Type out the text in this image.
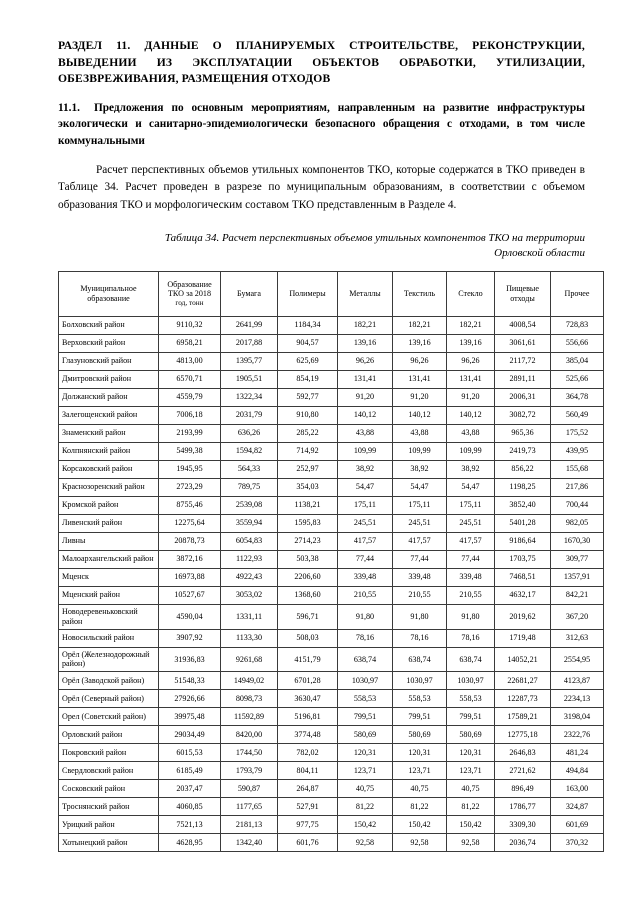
РАЗДЕЛ 11. ДАННЫЕ О ПЛАНИРУЕМЫХ СТРОИТЕЛЬСТВЕ, РЕКОНСТРУКЦИИ, ВЫВЕДЕНИИ ИЗ ЭКСПЛУАТАЦИИ ОБЪЕКТОВ ОБРАБОТКИ, УТИЛИЗАЦИИ, ОБЕЗВРЕЖИВАНИЯ, РАЗМЕЩЕНИЯ ОТХОДОВ
11.1. Предложения по основным мероприятиям, направленным на развитие инфраструктуры экологически и санитарно-эпидемиологически безопасного обращения с отходами, в том числе коммунальными

Расчет перспективных объемов утильных компонентов ТКО, которые содержатся в ТКО приведен в Таблице 34. Расчет проведен в разрезе по муниципальным образованиям, в соответствии с объемом образования ТКО и морфологическим составом ТКО представленным в Разделе 4.

Таблица 34. Расчет перспективных объемов утильных компонентов ТКО на территории
Орловской области
Муниципальное образование	Образование ТКО за 2018
год, тонн	Бумага	Полимеры	Металлы	Текстиль	Стекло	Пищевые отходы	Прочее
Болховский район	9110,32	2641,99	1184,34	182,21	182,21	182,21	4008,54	728,83
Верховский район	6958,21	2017,88	904,57	139,16	139,16	139,16	3061,61	556,66
Глазуновский район	4813,00	1395,77	625,69	96,26	96,26	96,26	2117,72	385,04
Дмитровский район	6570,71	1905,51	854,19	131,41	131,41	131,41	2891,11	525,66
Должанский район	4559,79	1322,34	592,77	91,20	91,20	91,20	2006,31	364,78
Залегощенский район	7006,18	2031,79	910,80	140,12	140,12	140,12	3082,72	560,49
Знаменский район	2193,99	636,26	285,22	43,88	43,88	43,88	965,36	175,52
Колпнянский район	5499,38	1594,82	714,92	109,99	109,99	109,99	2419,73	439,95
Корсаковский район	1945,95	564,33	252,97	38,92	38,92	38,92	856,22	155,68
Краснозоренский район	2723,29	789,75	354,03	54,47	54,47	54,47	1198,25	217,86
Кромской район	8755,46	2539,08	1138,21	175,11	175,11	175,11	3852,40	700,44
Ливенский район	12275,64	3559,94	1595,83	245,51	245,51	245,51	5401,28	982,05
Ливны	20878,73	6054,83	2714,23	417,57	417,57	417,57	9186,64	1670,30
Малоархангельский район	3872,16	1122,93	503,38	77,44	77,44	77,44	1703,75	309,77
Мценск	16973,88	4922,43	2206,60	339,48	339,48	339,48	7468,51	1357,91
Мценский район	10527,67	3053,02	1368,60	210,55	210,55	210,55	4632,17	842,21
Новодеревеньковский район	4590,04	1331,11	596,71	91,80	91,80	91,80	2019,62	367,20
Новосильский район	3907,92	1133,30	508,03	78,16	78,16	78,16	1719,48	312,63
Орёл (Железнодорожный район)	31936,83	9261,68	4151,79	638,74	638,74	638,74	14052,21	2554,95
Орёл (Заводской район)	51548,33	14949,02	6701,28	1030,97	1030,97	1030,97	22681,27	4123,87
Орёл (Северный район)	27926,66	8098,73	3630,47	558,53	558,53	558,53	12287,73	2234,13
Орел (Советский район)	39975,48	11592,89	5196,81	799,51	799,51	799,51	17589,21	3198,04
Орловский район	29034,49	8420,00	3774,48	580,69	580,69	580,69	12775,18	2322,76
Покровский район	6015,53	1744,50	782,02	120,31	120,31	120,31	2646,83	481,24
Свердловский район	6185,49	1793,79	804,11	123,71	123,71	123,71	2721,62	494,84
Сосковский район	2037,47	590,87	264,87	40,75	40,75	40,75	896,49	163,00
Троснянский район	4060,85	1177,65	527,91	81,22	81,22	81,22	1786,77	324,87
Урицкий район	7521,13	2181,13	977,75	150,42	150,42	150,42	3309,30	601,69
Хотынецкий район	4628,95	1342,40	601,76	92,58	92,58	92,58	2036,74	370,32
